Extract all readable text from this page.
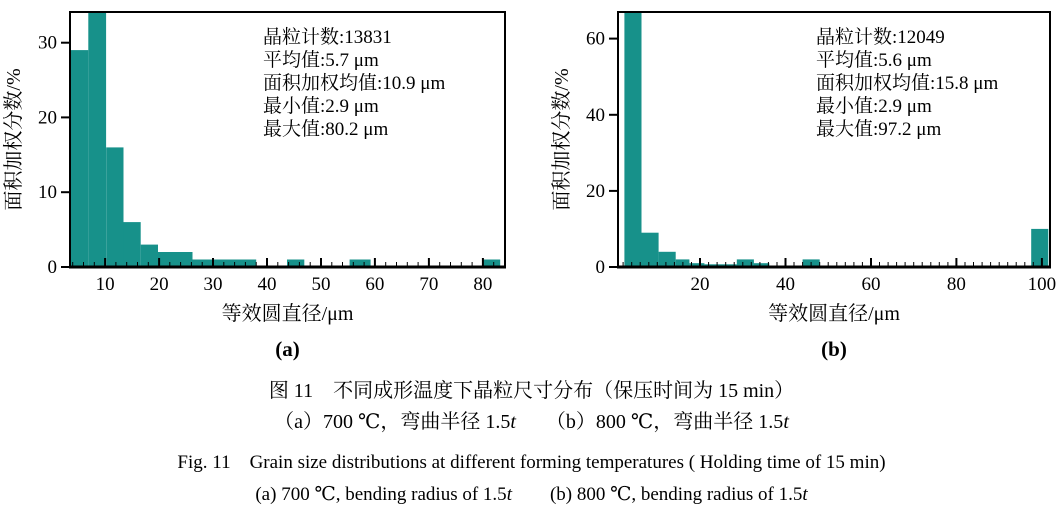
10 20 30 40 50 60 70 80
0
10
20
30
等效圆直径/μm
面积加权分数/%
(a)
晶粒计数:13831
平均值:5.7 μm
面积加权均值:10.9 μm
最小值:2.9 μm
最大值:80.2 μm
20	40	60	80	100
0
20
40
60
等效圆直径/μm
面积加权分数/%
(b)
晶粒计数:12049
平均值:5.6 μm
面积加权均值:15.8 μm
最小值:2.9 μm
最大值:97.2 μm

图 11　不同成形温度下晶粒尺寸分布（保压时间为 15 min）

（a）700 ℃，弯曲半径 1.5t　　（b）800 ℃，弯曲半径 1.5t

Fig. 11　Grain size distributions at different forming temperatures ( Holding time of 15 min)

(a) 700 ℃, bending radius of 1.5t　　(b) 800 ℃, bending radius of 1.5t
